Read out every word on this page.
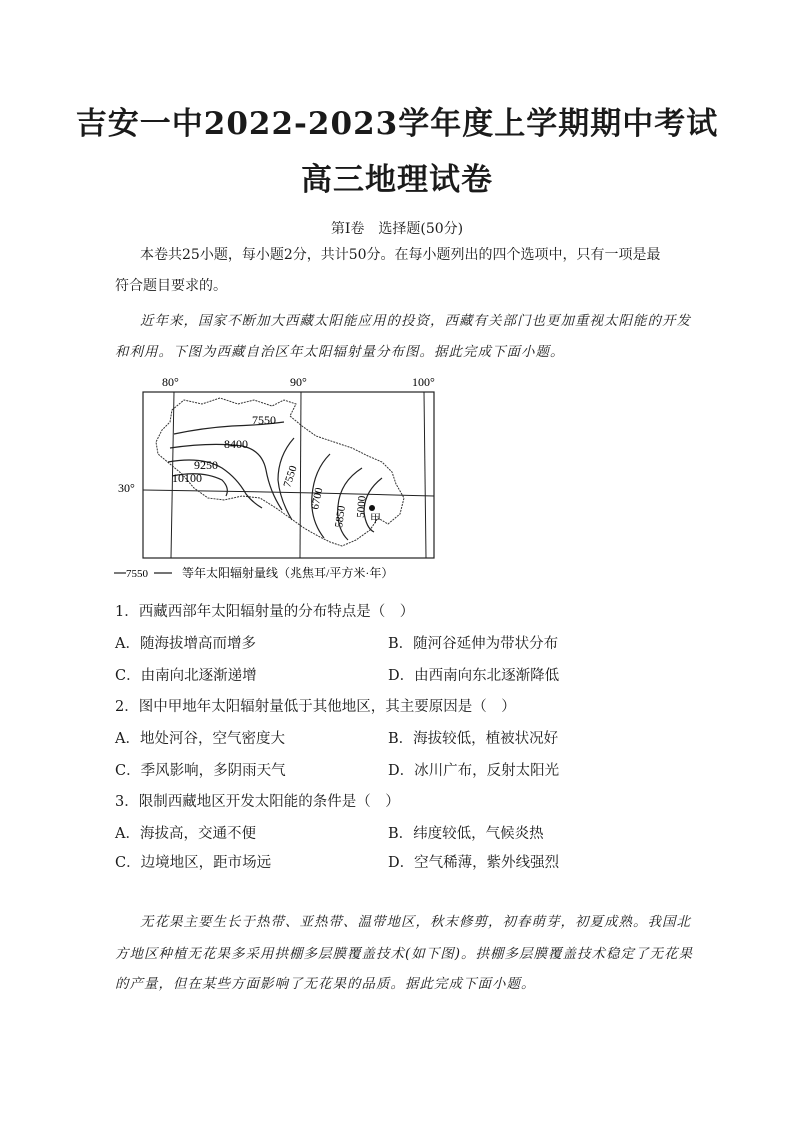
吉安一中2022-2023学年度上学期期中考试
高三地理试卷
第Ⅰ卷　选择题(50分)
本卷共25小题，每小题2分，共计50分。在每小题列出的四个选项中，只有一项是最
符合题目要求的。
近年来，国家不断加大西藏太阳能应用的投资，西藏有关部门也更加重视太阳能的开发
和利用。下图为西藏自治区年太阳辐射量分布图。据此完成下面小题。
80°	90°	100°
30°
7550
8400
9250
10100	7550
6700
5850 5000
甲
7550	等年太阳辐射量线（兆焦耳/平方米·年）
1．西藏西部年太阳辐射量的分布特点是（　）
A．随海拔增高而增多	B．随河谷延伸为带状分布
C．由南向北逐渐递增	D．由西南向东北逐渐降低
2．图中甲地年太阳辐射量低于其他地区，其主要原因是（　）
A．地处河谷，空气密度大	B．海拔较低，植被状况好
C．季风影响，多阴雨天气	D．冰川广布，反射太阳光
3．限制西藏地区开发太阳能的条件是（　）
A．海拔高，交通不便	B．纬度较低，气候炎热
C．边境地区，距市场远	D．空气稀薄，紫外线强烈
无花果主要生长于热带、亚热带、温带地区，秋末修剪，初春萌芽，初夏成熟。我国北
方地区种植无花果多采用拱棚多层膜覆盖技术(如下图)。拱棚多层膜覆盖技术稳定了无花果
的产量，但在某些方面影响了无花果的品质。据此完成下面小题。
